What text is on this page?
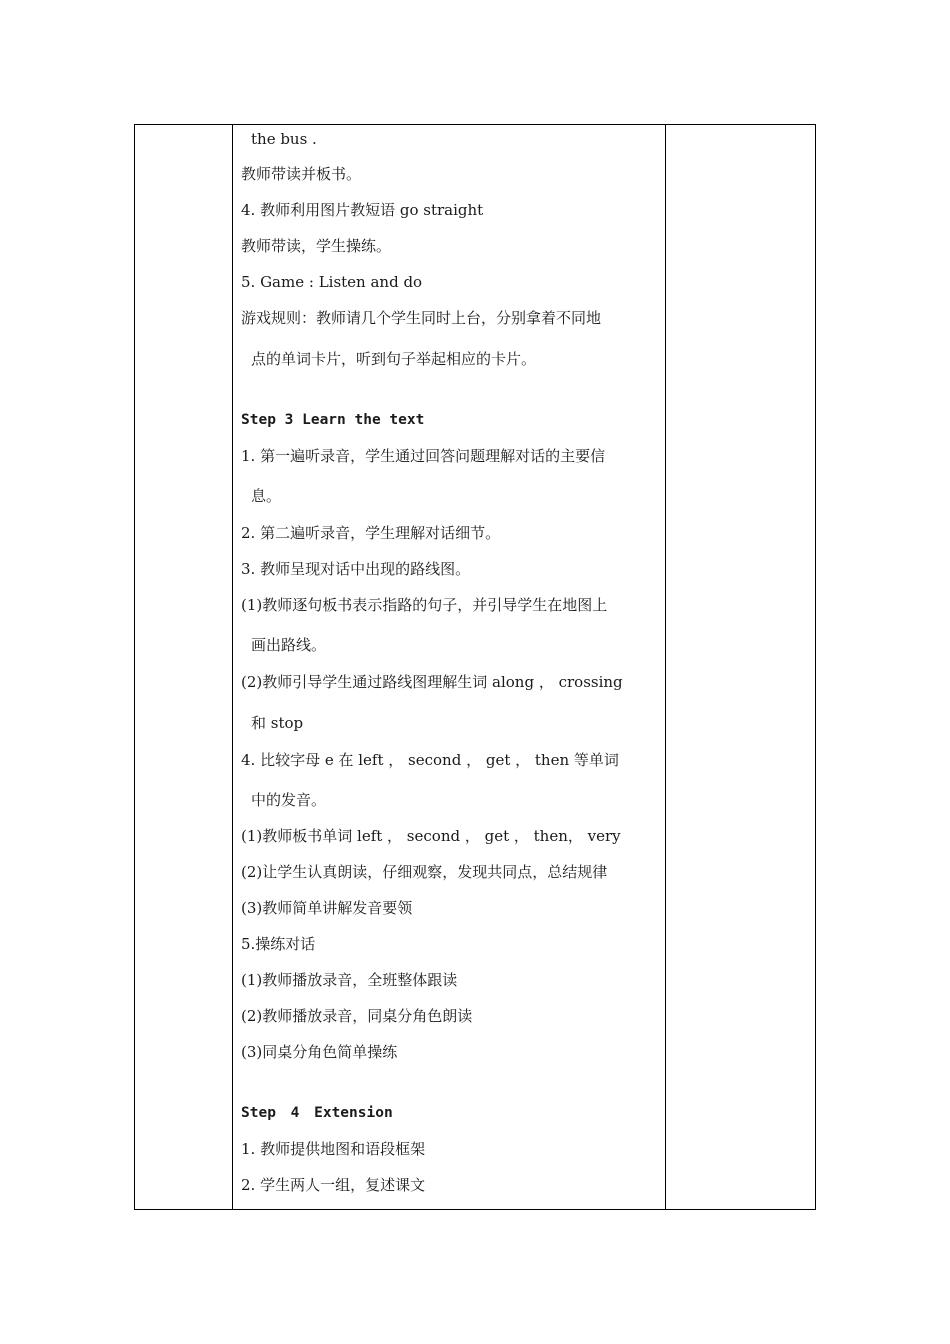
the bus .
教师带读并板书。
4. 教师利用图片教短语 go straight
教师带读，学生操练。
5. Game : Listen and do
游戏规则：教师请几个学生同时上台，分别拿着不同地
点的单词卡片，听到句子举起相应的卡片。
Step 3 Learn the text
1. 第一遍听录音，学生通过回答问题理解对话的主要信
息。
2. 第二遍听录音，学生理解对话细节。
3. 教师呈现对话中出现的路线图。
(1)教师逐句板书表示指路的句子，并引导学生在地图上
画出路线。
(2)教师引导学生通过路线图理解生词 along ， crossing
和 stop
4. 比较字母 e 在 left ， second ， get ， then 等单词
中的发音。
(1)教师板书单词 left ， second ， get ， then， very
(2)让学生认真朗读，仔细观察，发现共同点，总结规律
(3)教师简单讲解发音要领
5.操练对话
(1)教师播放录音，全班整体跟读
(2)教师播放录音，同桌分角色朗读
(3)同桌分角色简单操练
Step 4 Extension
1. 教师提供地图和语段框架
2. 学生两人一组，复述课文
